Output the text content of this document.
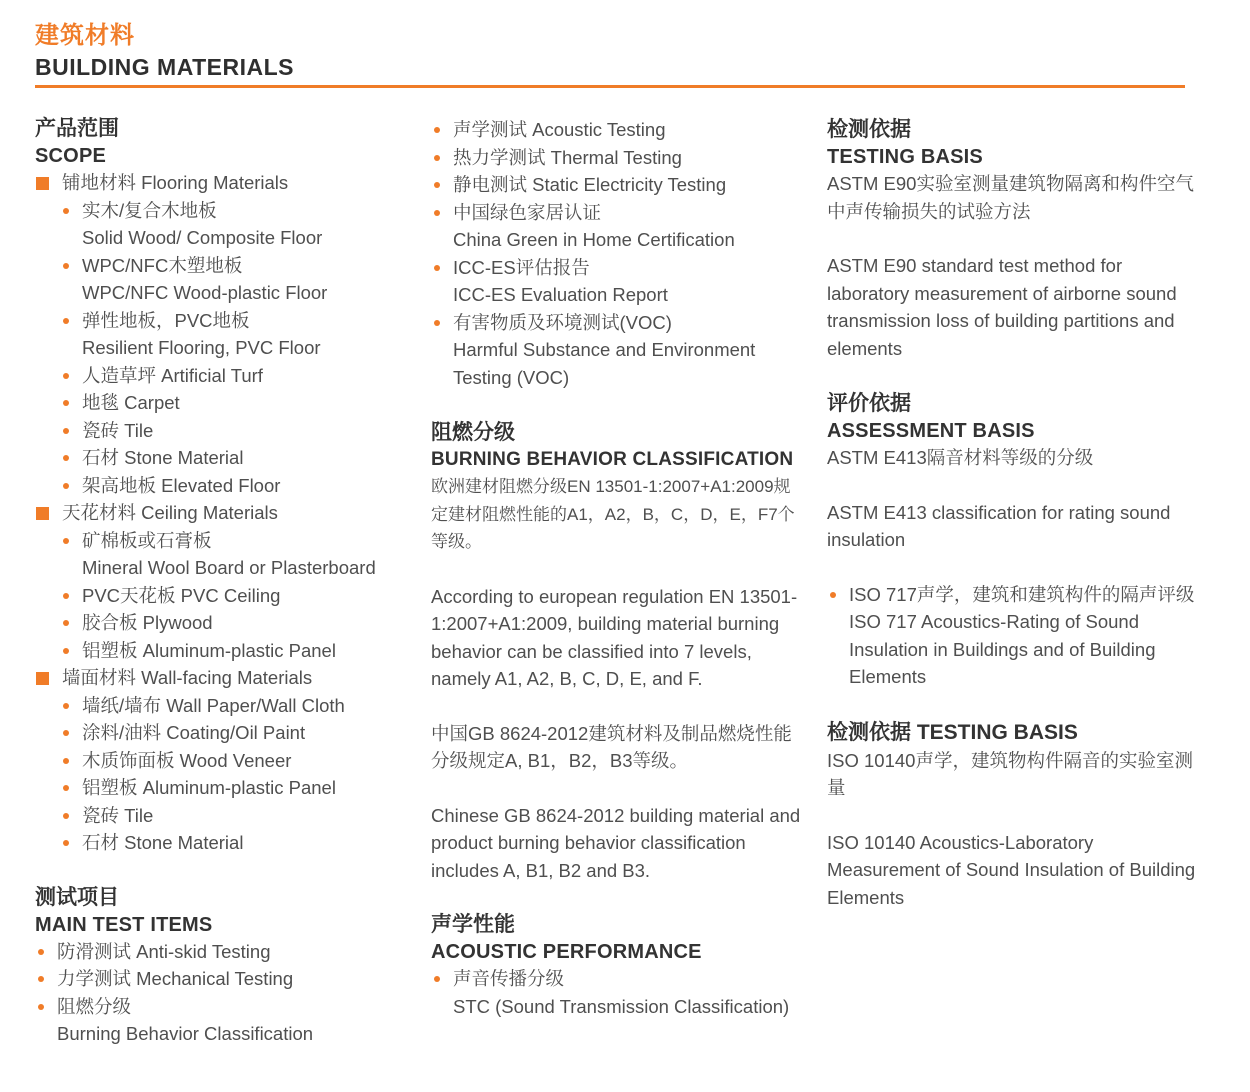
建筑材料
BUILDING MATERIALS
产品范围
SCOPE
铺地材料 Flooring Materials
实木/复合木地板
Solid Wood/ Composite Floor
WPC/NFC木塑地板
WPC/NFC Wood-plastic Floor
弹性地板，PVC地板
Resilient Flooring, PVC Floor
人造草坪 Artificial Turf
地毯 Carpet
瓷砖 Tile
石材 Stone Material
架高地板 Elevated Floor
天花材料 Ceiling Materials
矿棉板或石膏板
Mineral Wool Board or Plasterboard
PVC天花板 PVC Ceiling
胶合板 Plywood
铝塑板 Aluminum-plastic Panel
墙面材料 Wall-facing Materials
墙纸/墙布 Wall Paper/Wall Cloth
涂料/油料 Coating/Oil Paint
木质饰面板 Wood Veneer
铝塑板 Aluminum-plastic Panel
瓷砖 Tile
石材 Stone Material
测试项目
MAIN TEST ITEMS
防滑测试 Anti-skid Testing
力学测试 Mechanical Testing
阻燃分级
Burning Behavior Classification
声学测试 Acoustic Testing
热力学测试 Thermal Testing
静电测试 Static Electricity Testing
中国绿色家居认证
China Green in Home Certification
ICC-ES评估报告
ICC-ES Evaluation Report
有害物质及环境测试(VOC)
Harmful Substance and Environment Testing (VOC)
阻燃分级
BURNING BEHAVIOR CLASSIFICATION
欧洲建材阻燃分级EN 13501-1:2007+A1:2009规定建材阻燃性能的A1，A2，B，C，D，E，F7个等级。
According to european regulation EN 13501-1:2007+A1:2009, building material burning behavior can be classified into 7 levels, namely A1, A2, B, C, D, E, and F.
中国GB 8624-2012建筑材料及制品燃烧性能分级规定A, B1，B2，B3等级。
Chinese GB 8624-2012 building material and product burning behavior classification includes A, B1, B2 and B3.
声学性能
ACOUSTIC PERFORMANCE
声音传播分级
STC (Sound Transmission Classification)
检测依据
TESTING BASIS
ASTM E90实验室测量建筑物隔离和构件空气中声传输损失的试验方法
ASTM E90 standard test method for laboratory measurement of airborne sound transmission loss of building partitions and elements
评价依据
ASSESSMENT BASIS
ASTM E413隔音材料等级的分级
ASTM E413 classification for rating sound insulation
ISO 717声学，建筑和建筑构件的隔声评级
ISO 717 Acoustics-Rating of Sound Insulation in Buildings and of Building Elements
检测依据 TESTING BASIS
ISO 10140声学，建筑物构件隔音的实验室测量
ISO 10140 Acoustics-Laboratory Measurement of Sound Insulation of Building Elements
